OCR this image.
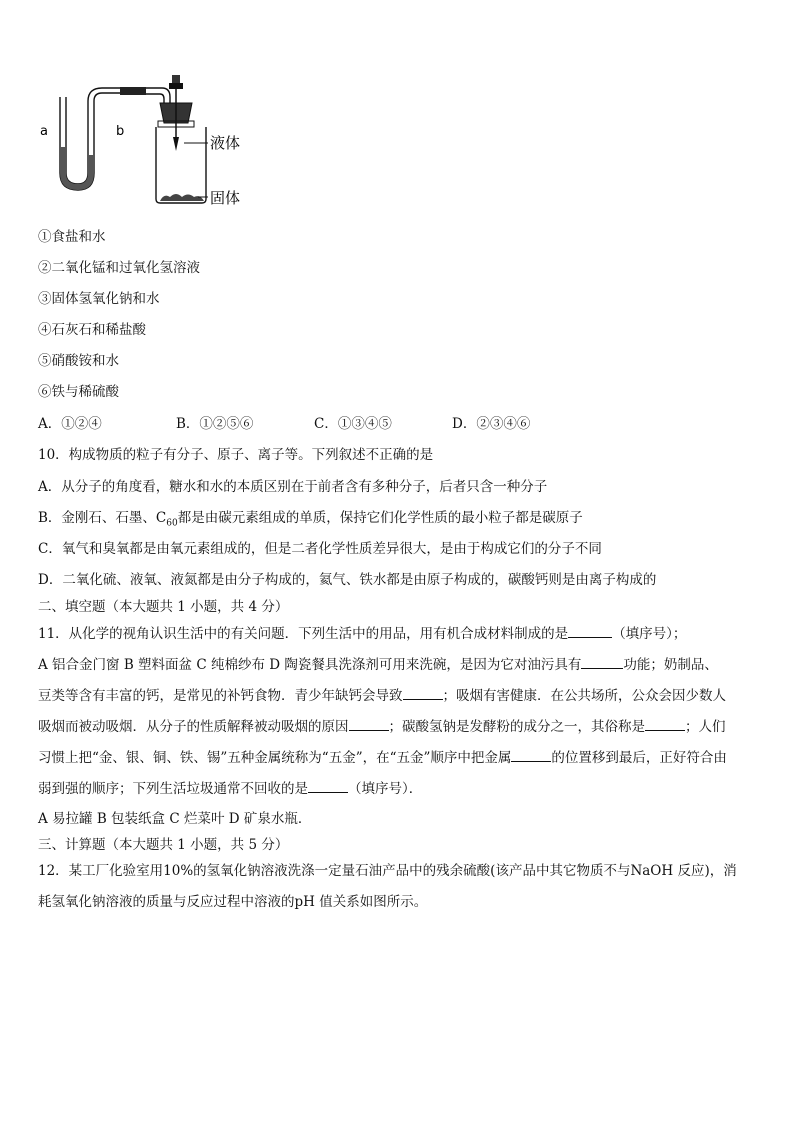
a	b
液体
固体
①食盐和水
②二氧化锰和过氧化氢溶液
③固体氢氧化钠和水
④石灰石和稀盐酸
⑤硝酸铵和水
⑥铁与稀硫酸
A．①②④	B．①②⑤⑥	C．①③④⑤	D．②③④⑥
10．构成物质的粒子有分子、原子、离子等。下列叙述不正确的是
A．从分子的角度看，糖水和水的本质区别在于前者含有多种分子，后者只含一种分子
B．金刚石、石墨、$C_{60}$都是由碳元素组成的单质，保持它们化学性质的最小粒子都是碳原子
C．氧气和臭氧都是由氧元素组成的，但是二者化学性质差异很大，是由于构成它们的分子不同
D．二氧化硫、液氧、液氮都是由分子构成的，氦气、铁水都是由原子构成的，碳酸钙则是由离子构成的
二、填空题（本大题共 1 小题，共 4 分）
11．从化学的视角认识生活中的有关问题．下列生活中的用品，用有机合成材料制成的是	（填序号）；
A 铝合金门窗 B 塑料面盆 C 纯棉纱布 D 陶瓷餐具洗涤剂可用来洗碗，是因为它对油污具有	功能；奶制品、
豆类等含有丰富的钙，是常见的补钙食物．青少年缺钙会导致	；吸烟有害健康．在公共场所，公众会因少数人
吸烟而被动吸烟．从分子的性质解释被动吸烟的原因	；碳酸氢钠是发酵粉的成分之一，其俗称是	；人们
习惯上把“金、银、铜、铁、锡”五种金属统称为“五金”，在“五金”顺序中把金属	的位置移到最后，正好符合由
弱到强的顺序；下列生活垃圾通常不回收的是	（填序号）．
A 易拉罐 B 包装纸盒 C 烂菜叶 D 矿泉水瓶．
三、计算题（本大题共 1 小题，共 5 分）
12．某工厂化验室用10%的氢氧化钠溶液洗涤一定量石油产品中的残余硫酸(该产品中其它物质不与NaOH 反应)，消
耗氢氧化钠溶液的质量与反应过程中溶液的pH 值关系如图所示。
